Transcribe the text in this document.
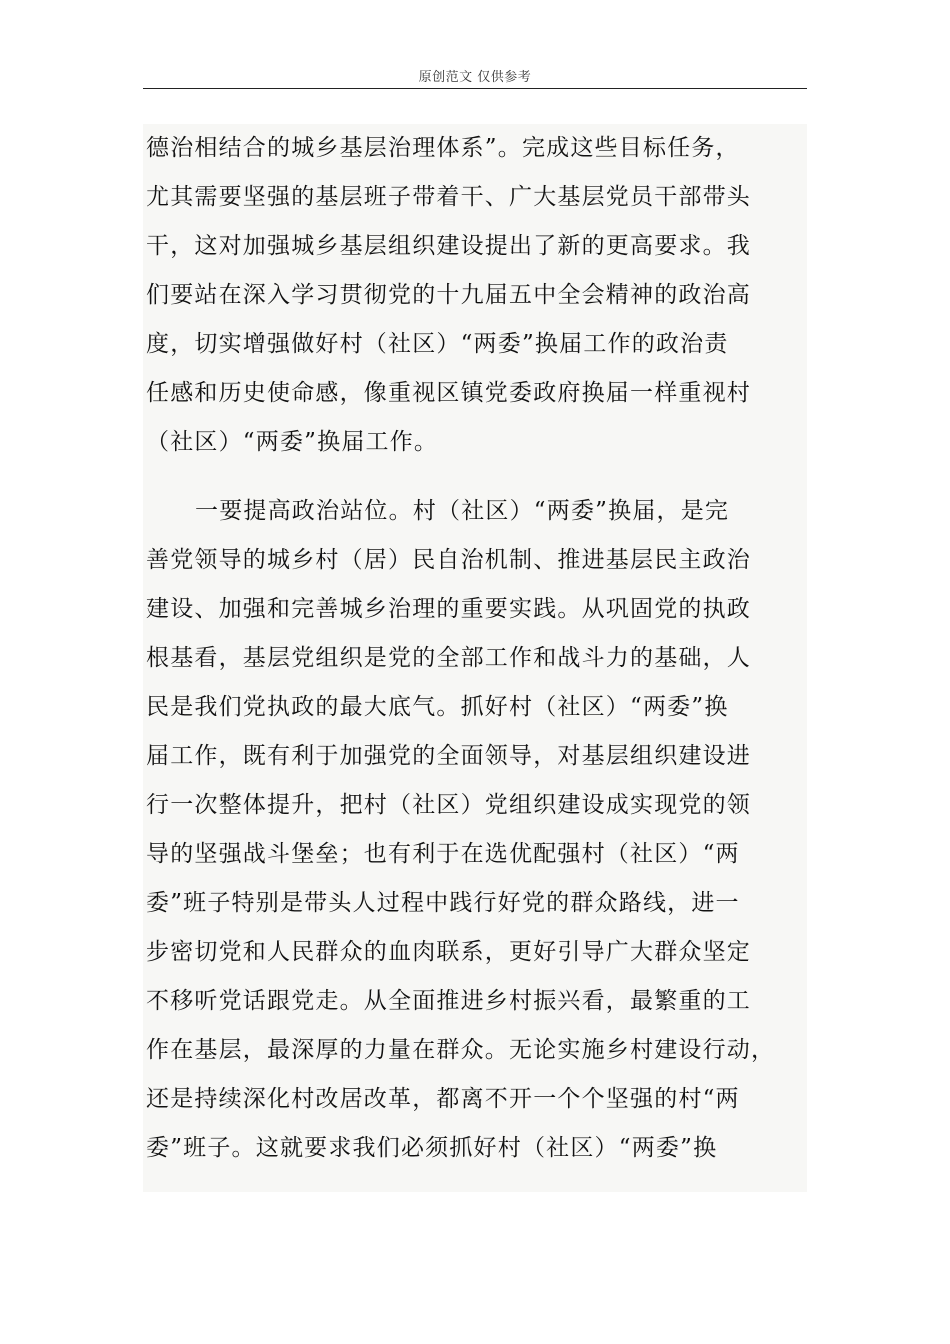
原创范文 仅供参考
德治相结合的城乡基层治理体系”。完成这些目标任务，
尤其需要坚强的基层班子带着干、广大基层党员干部带头
干，这对加强城乡基层组织建设提出了新的更高要求。我
们要站在深入学习贯彻党的十九届五中全会精神的政治高
度，切实增强做好村（社区）“两委”换届工作的政治责
任感和历史使命感，像重视区镇党委政府换届一样重视村
（社区）“两委”换届工作。
一要提高政治站位。村（社区）“两委”换届，是完
善党领导的城乡村（居）民自治机制、推进基层民主政治
建设、加强和完善城乡治理的重要实践。从巩固党的执政
根基看，基层党组织是党的全部工作和战斗力的基础，人
民是我们党执政的最大底气。抓好村（社区）“两委”换
届工作，既有利于加强党的全面领导，对基层组织建设进
行一次整体提升，把村（社区）党组织建设成实现党的领
导的坚强战斗堡垒；也有利于在选优配强村（社区）“两
委”班子特别是带头人过程中践行好党的群众路线，进一
步密切党和人民群众的血肉联系，更好引导广大群众坚定
不移听党话跟党走。从全面推进乡村振兴看，最繁重的工
作在基层，最深厚的力量在群众。无论实施乡村建设行动，
还是持续深化村改居改革，都离不开一个个坚强的村“两
委”班子。这就要求我们必须抓好村（社区）“两委”换
